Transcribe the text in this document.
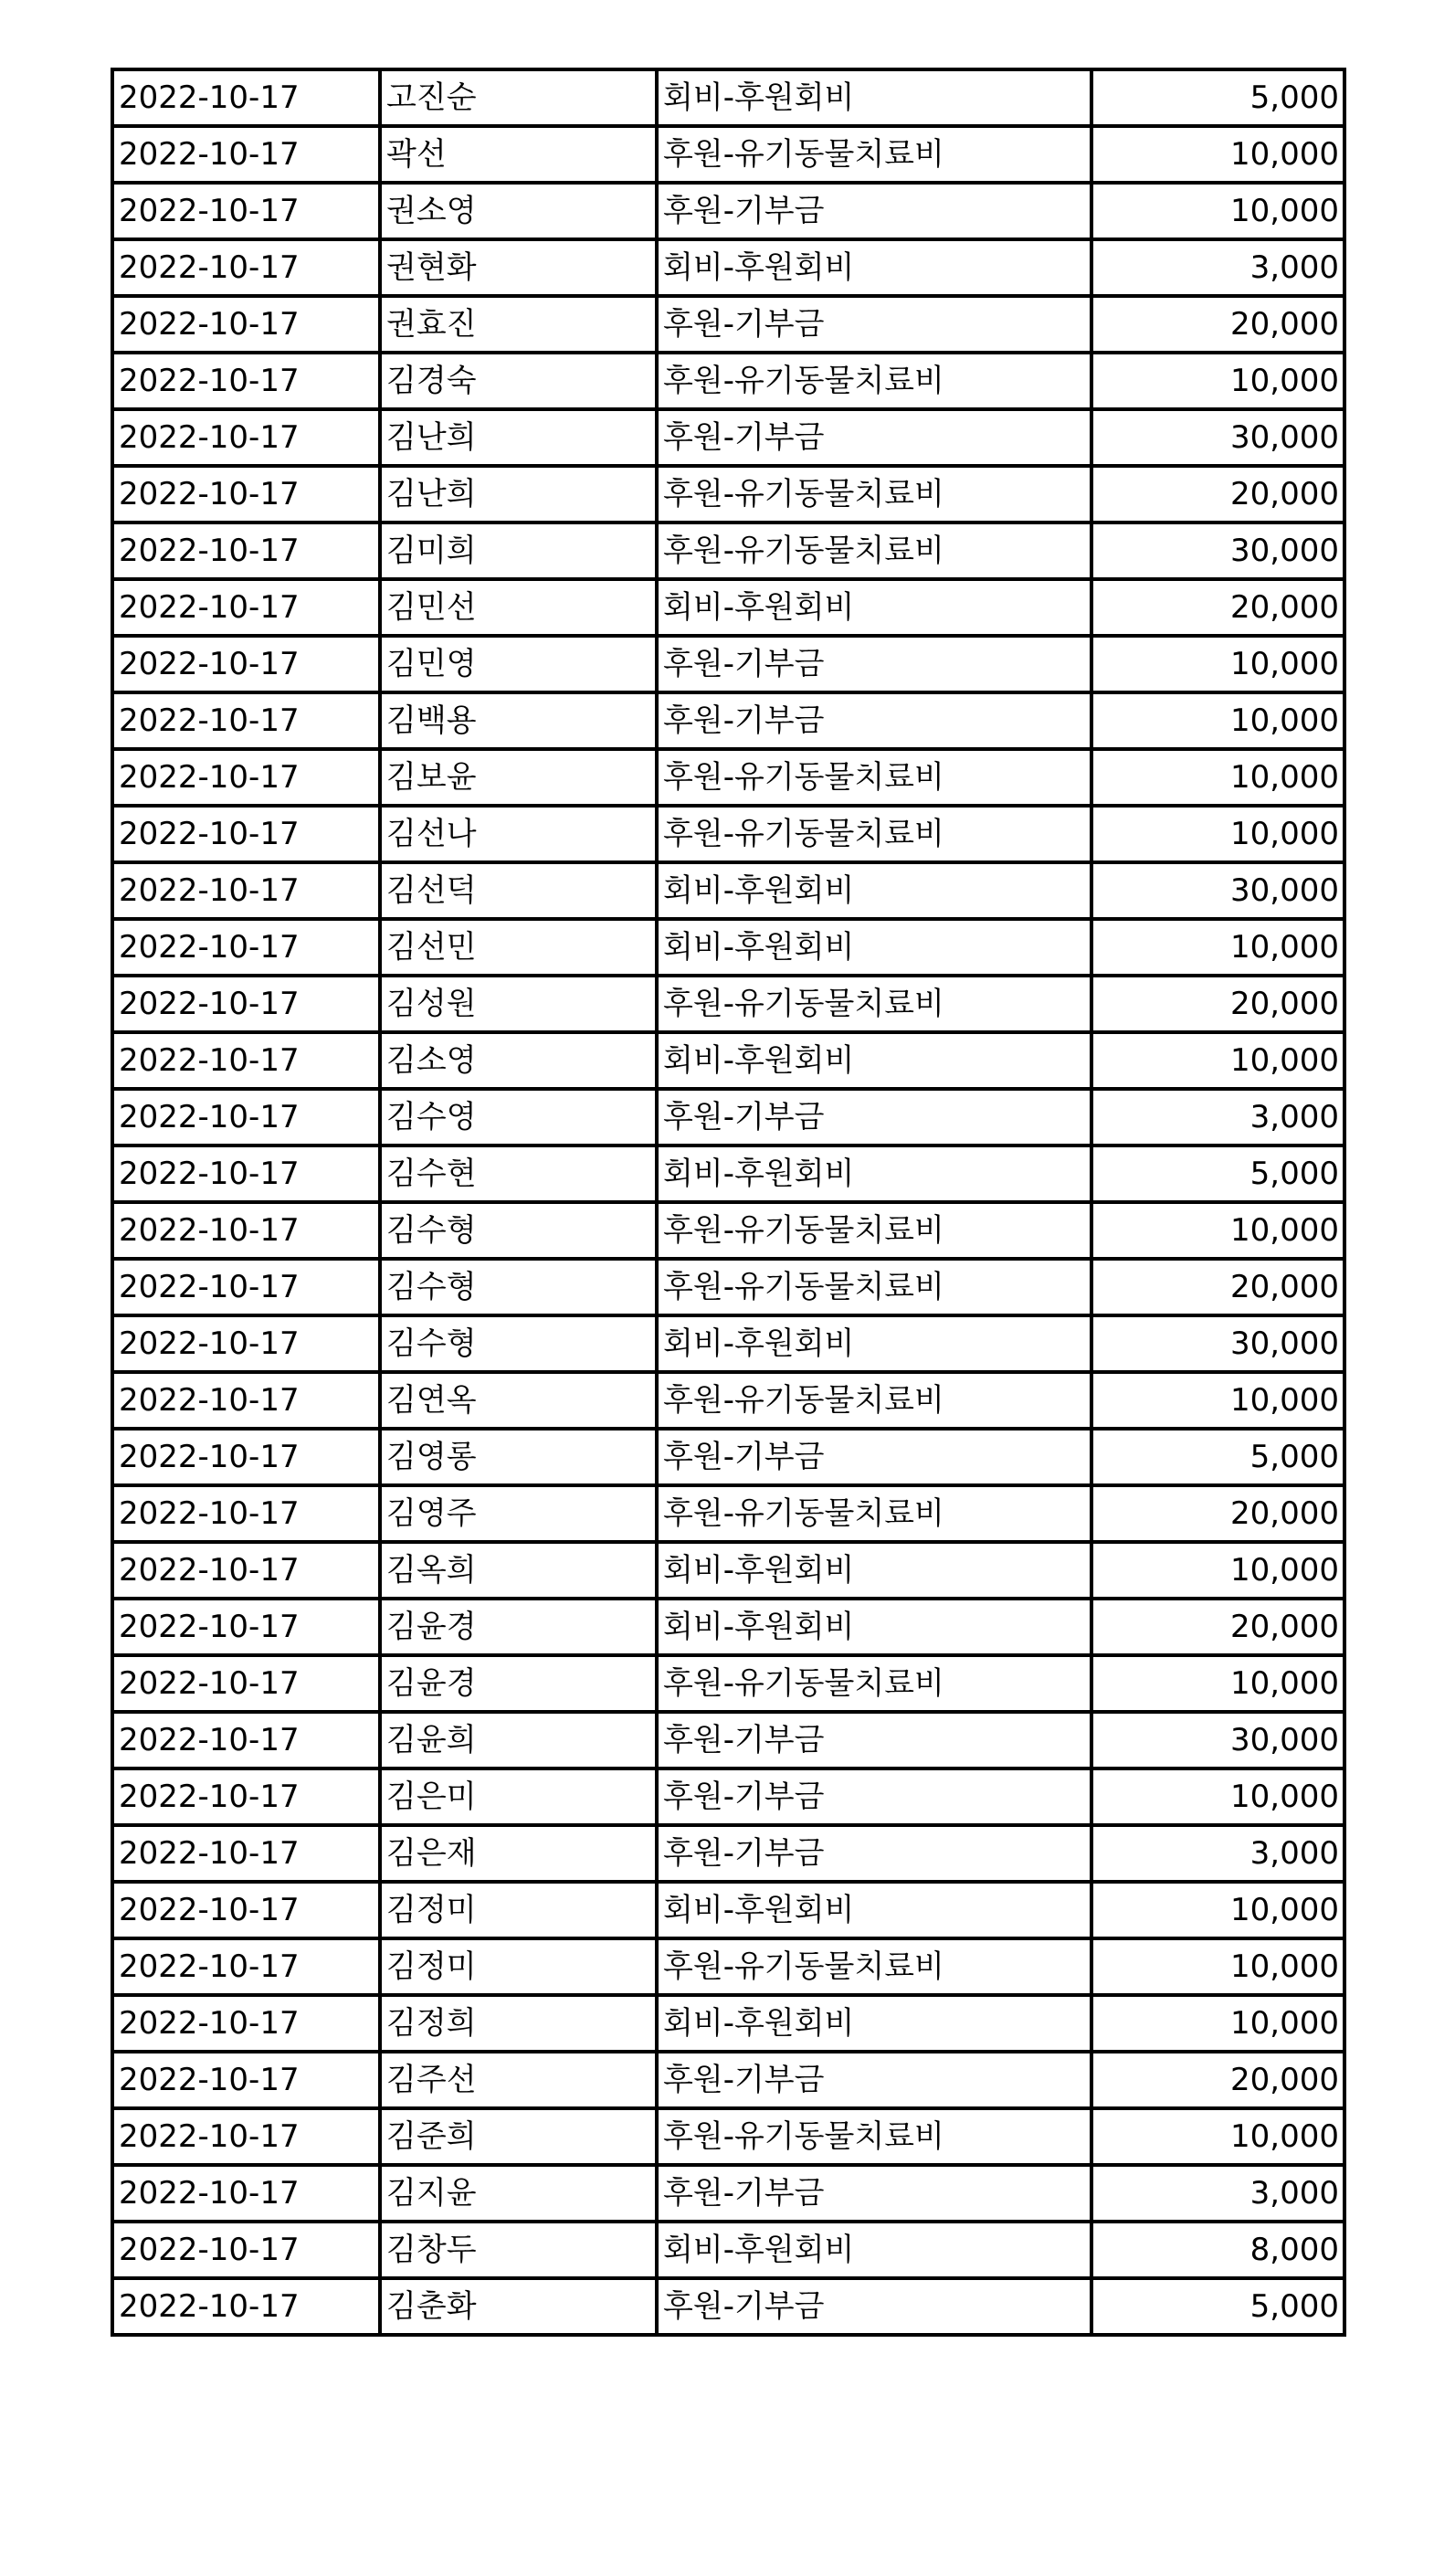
2022-10-17	고진순	회비-후원회비	5,000
2022-10-17	곽선	후원-유기동물치료비	10,000
2022-10-17	권소영	후원-기부금	10,000
2022-10-17	권현화	회비-후원회비	3,000
2022-10-17	권효진	후원-기부금	20,000
2022-10-17	김경숙	후원-유기동물치료비	10,000
2022-10-17	김난희	후원-기부금	30,000
2022-10-17	김난희	후원-유기동물치료비	20,000
2022-10-17	김미희	후원-유기동물치료비	30,000
2022-10-17	김민선	회비-후원회비	20,000
2022-10-17	김민영	후원-기부금	10,000
2022-10-17	김백용	후원-기부금	10,000
2022-10-17	김보윤	후원-유기동물치료비	10,000
2022-10-17	김선나	후원-유기동물치료비	10,000
2022-10-17	김선덕	회비-후원회비	30,000
2022-10-17	김선민	회비-후원회비	10,000
2022-10-17	김성원	후원-유기동물치료비	20,000
2022-10-17	김소영	회비-후원회비	10,000
2022-10-17	김수영	후원-기부금	3,000
2022-10-17	김수현	회비-후원회비	5,000
2022-10-17	김수형	후원-유기동물치료비	10,000
2022-10-17	김수형	후원-유기동물치료비	20,000
2022-10-17	김수형	회비-후원회비	30,000
2022-10-17	김연옥	후원-유기동물치료비	10,000
2022-10-17	김영롱	후원-기부금	5,000
2022-10-17	김영주	후원-유기동물치료비	20,000
2022-10-17	김옥희	회비-후원회비	10,000
2022-10-17	김윤경	회비-후원회비	20,000
2022-10-17	김윤경	후원-유기동물치료비	10,000
2022-10-17	김윤희	후원-기부금	30,000
2022-10-17	김은미	후원-기부금	10,000
2022-10-17	김은재	후원-기부금	3,000
2022-10-17	김정미	회비-후원회비	10,000
2022-10-17	김정미	후원-유기동물치료비	10,000
2022-10-17	김정희	회비-후원회비	10,000
2022-10-17	김주선	후원-기부금	20,000
2022-10-17	김준희	후원-유기동물치료비	10,000
2022-10-17	김지윤	후원-기부금	3,000
2022-10-17	김창두	회비-후원회비	8,000
2022-10-17	김춘화	후원-기부금	5,000
